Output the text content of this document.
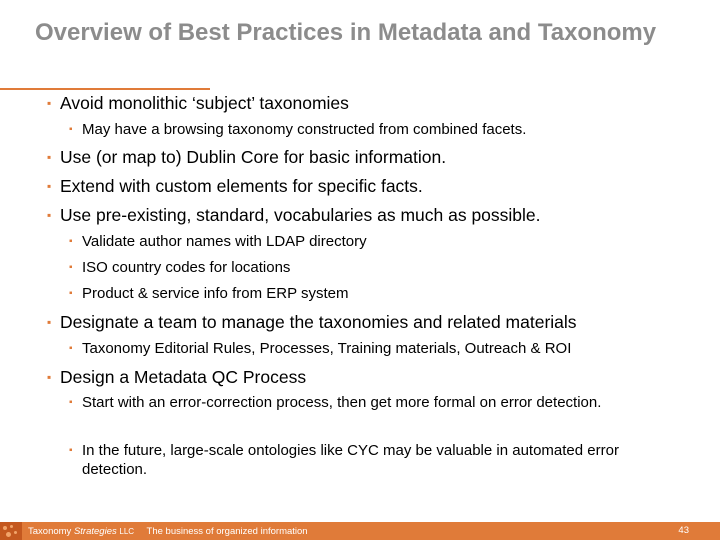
Overview of Best Practices in Metadata and Taxonomy
▪ Avoid monolithic ‘subject’ taxonomies
▪ May have a browsing taxonomy constructed from combined facets.
▪ Use (or map to) Dublin Core for basic information.
▪ Extend with custom elements for specific facts.
▪ Use pre-existing, standard, vocabularies as much as possible.
▪ Validate author names with LDAP directory
▪ ISO country codes for locations
▪ Product & service info from ERP system
▪ Designate a team to manage the taxonomies and related materials
▪ Taxonomy Editorial Rules, Processes, Training materials, Outreach & ROI
▪ Design a Metadata QC Process
▪ Start with an error-correction process, then get more formal on error detection.
▪ In the future, large-scale ontologies like CYC may be valuable in automated error detection.
Taxonomy Strategies LLC The business of organized information	43
